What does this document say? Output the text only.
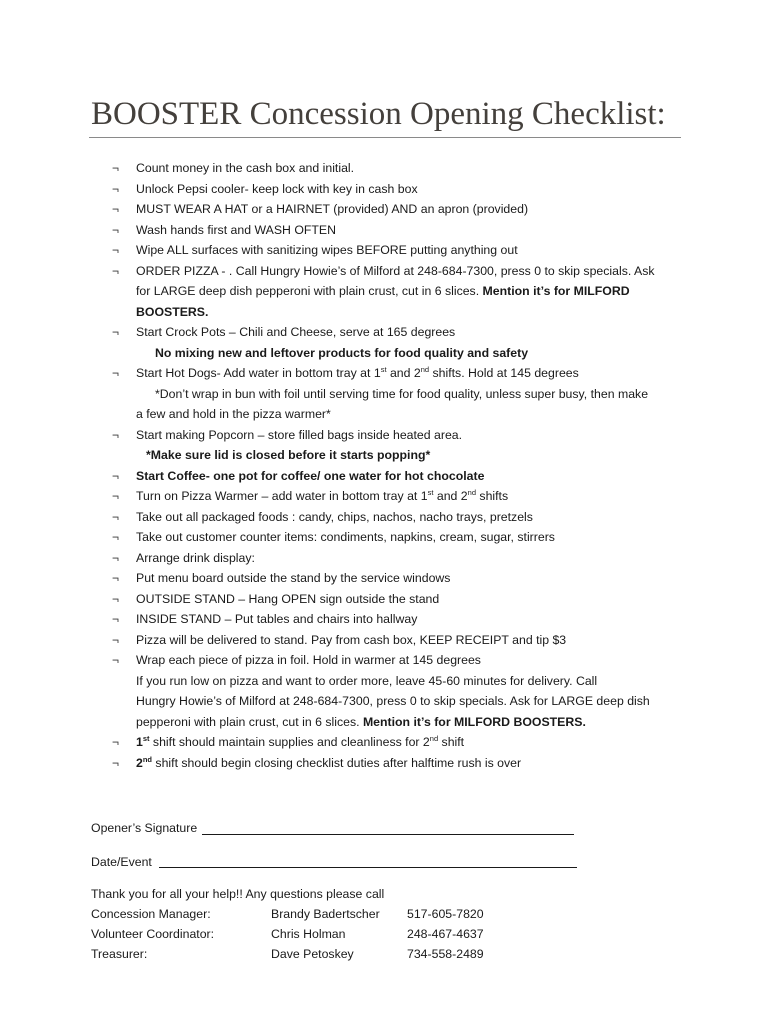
BOOSTER Concession Opening Checklist:
¬ Count money in the cash box and initial.
¬ Unlock Pepsi cooler- keep lock with key in cash box
¬ MUST WEAR A HAT or a HAIRNET (provided) AND an apron (provided)
¬ Wash hands first and WASH OFTEN
¬ Wipe ALL surfaces with sanitizing wipes BEFORE putting anything out
¬ ORDER PIZZA - . Call Hungry Howie’s of Milford at 248-684-7300, press 0 to skip specials. Ask
for LARGE deep dish pepperoni with plain crust, cut in 6 slices. Mention it’s for MILFORD
BOOSTERS.
¬ Start Crock Pots – Chili and Cheese, serve at 165 degrees
No mixing new and leftover products for food quality and safety
¬ Start Hot Dogs- Add water in bottom tray at 1st and 2nd shifts. Hold at 145 degrees
*Don’t wrap in bun with foil until serving time for food quality, unless super busy, then make
a few and hold in the pizza warmer*
¬ Start making Popcorn – store filled bags inside heated area.
*Make sure lid is closed before it starts popping*
¬ Start Coffee- one pot for coffee/ one water for hot chocolate
¬ Turn on Pizza Warmer – add water in bottom tray at 1st and 2nd shifts
¬ Take out all packaged foods : candy, chips, nachos, nacho trays, pretzels
¬ Take out customer counter items: condiments, napkins, cream, sugar, stirrers
¬ Arrange drink display:
¬ Put menu board outside the stand by the service windows
¬ OUTSIDE STAND – Hang OPEN sign outside the stand
¬ INSIDE STAND – Put tables and chairs into hallway
¬ Pizza will be delivered to stand. Pay from cash box, KEEP RECEIPT and tip $3
¬ Wrap each piece of pizza in foil. Hold in warmer at 145 degrees
If you run low on pizza and want to order more, leave 45-60 minutes for delivery. Call
Hungry Howie’s of Milford at 248-684-7300, press 0 to skip specials. Ask for LARGE deep dish
pepperoni with plain crust, cut in 6 slices. Mention it’s for MILFORD BOOSTERS.
¬ 1st shift should maintain supplies and cleanliness for 2nd shift
¬ 2nd shift should begin closing checklist duties after halftime rush is over
Opener’s Signature
Date/Event
Thank you for all your help!! Any questions please call
Concession Manager:	Brandy Badertscher 517-605-7820
Volunteer Coordinator:	Chris Holman	248-467-4637
Treasurer:	Dave Petoskey	734-558-2489
